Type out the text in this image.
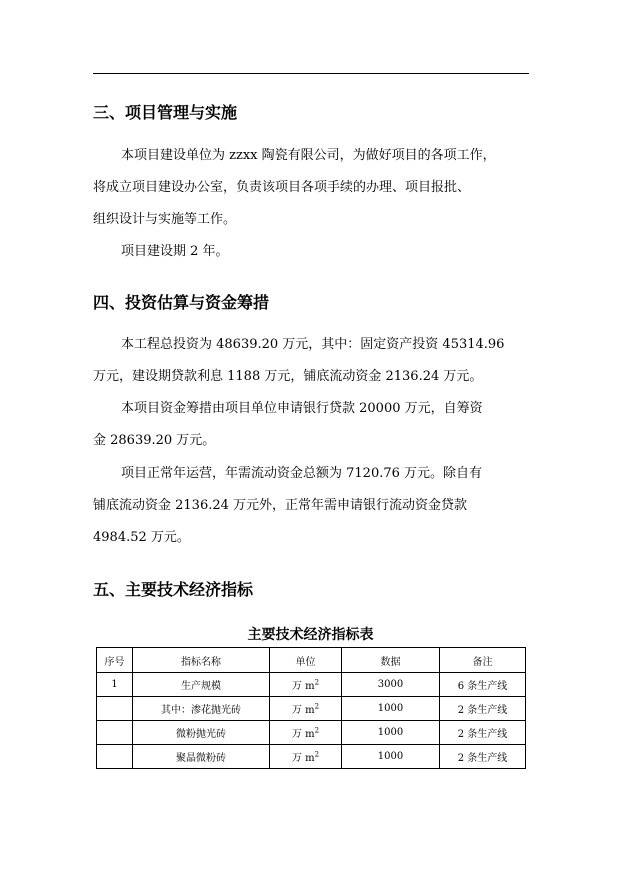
三、项目管理与实施
本项目建设单位为 zzxx 陶瓷有限公司，为做好项目的各项工作，
将成立项目建设办公室，负责该项目各项手续的办理、项目报批、
组织设计与实施等工作。
项目建设期 2 年。
四、投资估算与资金筹措
本工程总投资为 48639.20 万元，其中：固定资产投资 45314.96
万元，建设期贷款利息 1188 万元，铺底流动资金 2136.24 万元。
本项目资金筹措由项目单位申请银行贷款 20000 万元，自筹资
金 28639.20 万元。
项目正常年运营，年需流动资金总额为 7120.76 万元。除自有
铺底流动资金 2136.24 万元外，正常年需申请银行流动资金贷款
4984.52 万元。
五、主要技术经济指标
主要技术经济指标表
序号	指标名称	单位	数据	备注
1	生产规模	万 $m^2$	3000	6 条生产线
	其中：渗花抛光砖	万 $m^2$	1000	2 条生产线
	微粉抛光砖	万 $m^2$	1000	2 条生产线
	聚晶微粉砖	万 $m^2$	1000	2 条生产线
